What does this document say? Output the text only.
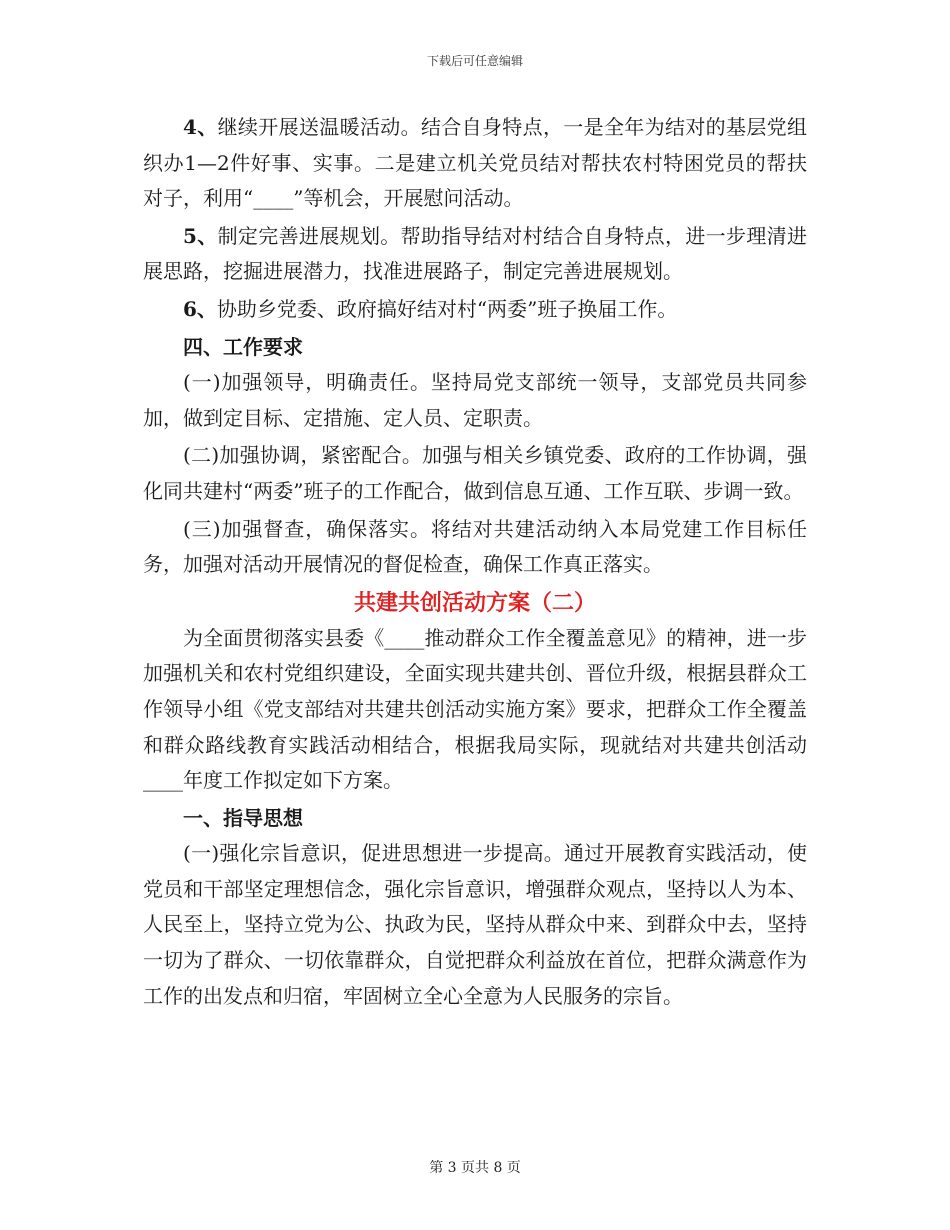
下载后可任意编辑

4、继续开展送温暖活动。结合自身特点，一是全年为结对的基层党组织办1—2件好事、实事。二是建立机关党员结对帮扶农村特困党员的帮扶对子，利用“____”等机会，开展慰问活动。

5、制定完善进展规划。帮助指导结对村结合自身特点，进一步理清进展思路，挖掘进展潜力，找准进展路子，制定完善进展规划。

6、协助乡党委、政府搞好结对村“两委”班子换届工作。

四、工作要求

(一)加强领导，明确责任。坚持局党支部统一领导，支部党员共同参加，做到定目标、定措施、定人员、定职责。

(二)加强协调，紧密配合。加强与相关乡镇党委、政府的工作协调，强化同共建村“两委”班子的工作配合，做到信息互通、工作互联、步调一致。

(三)加强督查，确保落实。将结对共建活动纳入本局党建工作目标任务，加强对活动开展情况的督促检查，确保工作真正落实。

共建共创活动方案（二）

为全面贯彻落实县委《____推动群众工作全覆盖意见》的精神，进一步加强机关和农村党组织建设，全面实现共建共创、晋位升级，根据县群众工作领导小组《党支部结对共建共创活动实施方案》要求，把群众工作全覆盖和群众路线教育实践活动相结合，根据我局实际，现就结对共建共创活动____年度工作拟定如下方案。

一、指导思想

(一)强化宗旨意识，促进思想进一步提高。通过开展教育实践活动，使党员和干部坚定理想信念，强化宗旨意识，增强群众观点，坚持以人为本、人民至上，坚持立党为公、执政为民，坚持从群众中来、到群众中去，坚持一切为了群众、一切依靠群众，自觉把群众利益放在首位，把群众满意作为工作的出发点和归宿，牢固树立全心全意为人民服务的宗旨。

第 3 页共 8 页
